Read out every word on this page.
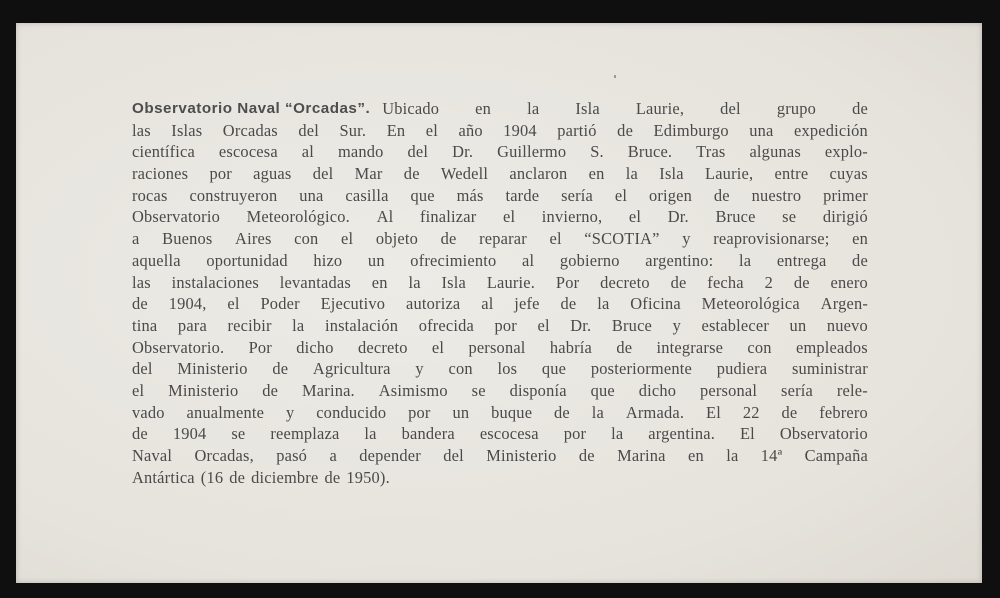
Observatorio Naval “Orcadas”. Ubicado en la Isla Laurie, del grupo de
las Islas Orcadas del Sur. En el año 1904 partió de Edimburgo una expedición
científica escocesa al mando del Dr. Guillermo S. Bruce. Tras algunas explo-
raciones por aguas del Mar de Wedell anclaron en la Isla Laurie, entre cuyas
rocas construyeron una casilla que más tarde sería el origen de nuestro primer
Observatorio Meteorológico. Al finalizar el invierno, el Dr. Bruce se dirigió
a Buenos Aires con el objeto de reparar el “SCOTIA” y reaprovisionarse; en
aquella oportunidad hizo un ofrecimiento al gobierno argentino: la entrega de
las instalaciones levantadas en la Isla Laurie. Por decreto de fecha 2 de enero
de 1904, el Poder Ejecutivo autoriza al jefe de la Oficina Meteorológica Argen-
tina para recibir la instalación ofrecida por el Dr. Bruce y establecer un nuevo
Observatorio. Por dicho decreto el personal habría de integrarse con empleados
del Ministerio de Agricultura y con los que posteriormente pudiera suministrar
el Ministerio de Marina. Asimismo se disponía que dicho personal sería rele-
vado anualmente y conducido por un buque de la Armada. El 22 de febrero
de 1904 se reemplaza la bandera escocesa por la argentina. El Observatorio
Naval Orcadas, pasó a depender del Ministerio de Marina en la 14ª Campaña
Antártica (16 de diciembre de 1950).
